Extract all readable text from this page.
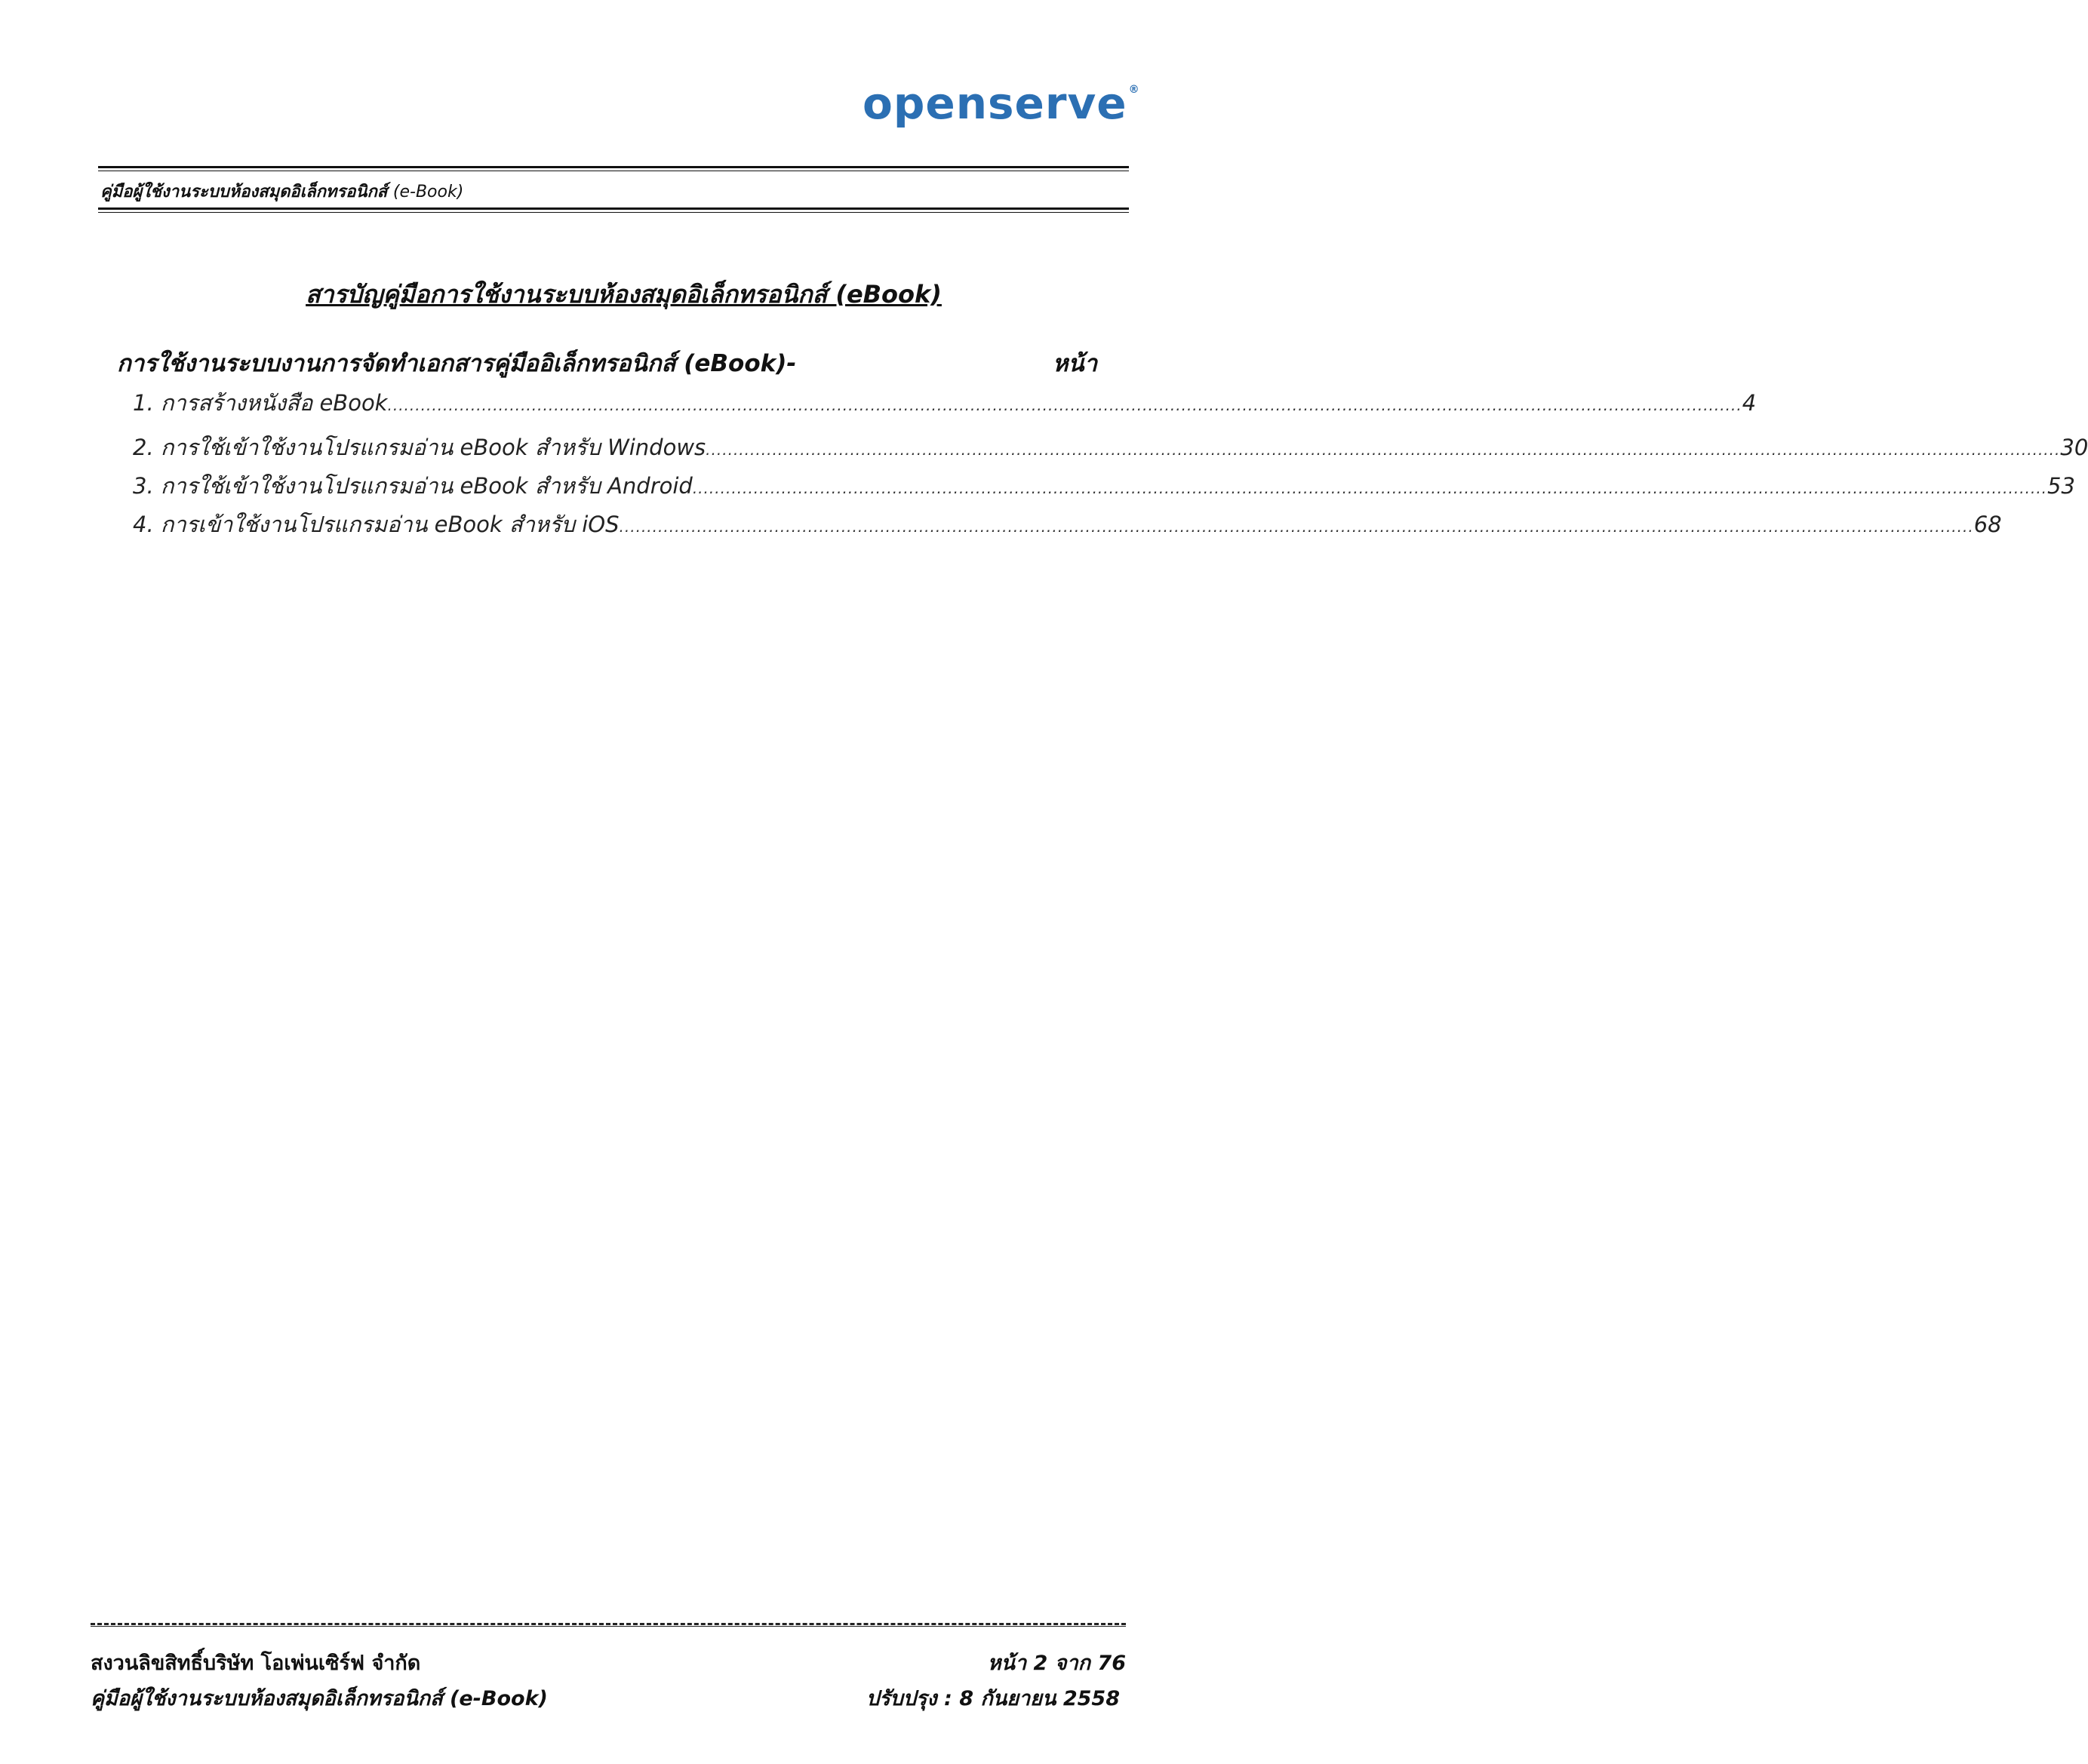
openserve ®
คู่มือผู้ใช้งานระบบห้องสมุดอิเล็กทรอนิกส์ (e-Book)
สารบัญคู่มือการใช้งานระบบห้องสมุดอิเล็กทรอนิกส์ (eBook)
การใช้งานระบบงานการจัดทำเอกสารคู่มืออิเล็กทรอนิกส์ (eBook)-	หน้า
1. การสร้างหนังสือ eBook .................................................................................................................................................................................................................................................... 4
2. การใช้เข้าใช้งานโปรแกรมอ่าน eBook สำหรับ Windows .................................................................................................................................................................................................................................................... 30
3. การใช้เข้าใช้งานโปรแกรมอ่าน eBook สำหรับ Android .................................................................................................................................................................................................................................................... 53
4. การเข้าใช้งานโปรแกรมอ่าน eBook สำหรับ iOS .................................................................................................................................................................................................................................................... 68
สงวนลิขสิทธิ์บริษัท โอเพ่นเซิร์ฟ จำกัด
คู่มือผู้ใช้งานระบบห้องสมุดอิเล็กทรอนิกส์ (e-Book)
หน้า 2 จาก 76
ปรับปรุง : 8 กันยายน 2558
